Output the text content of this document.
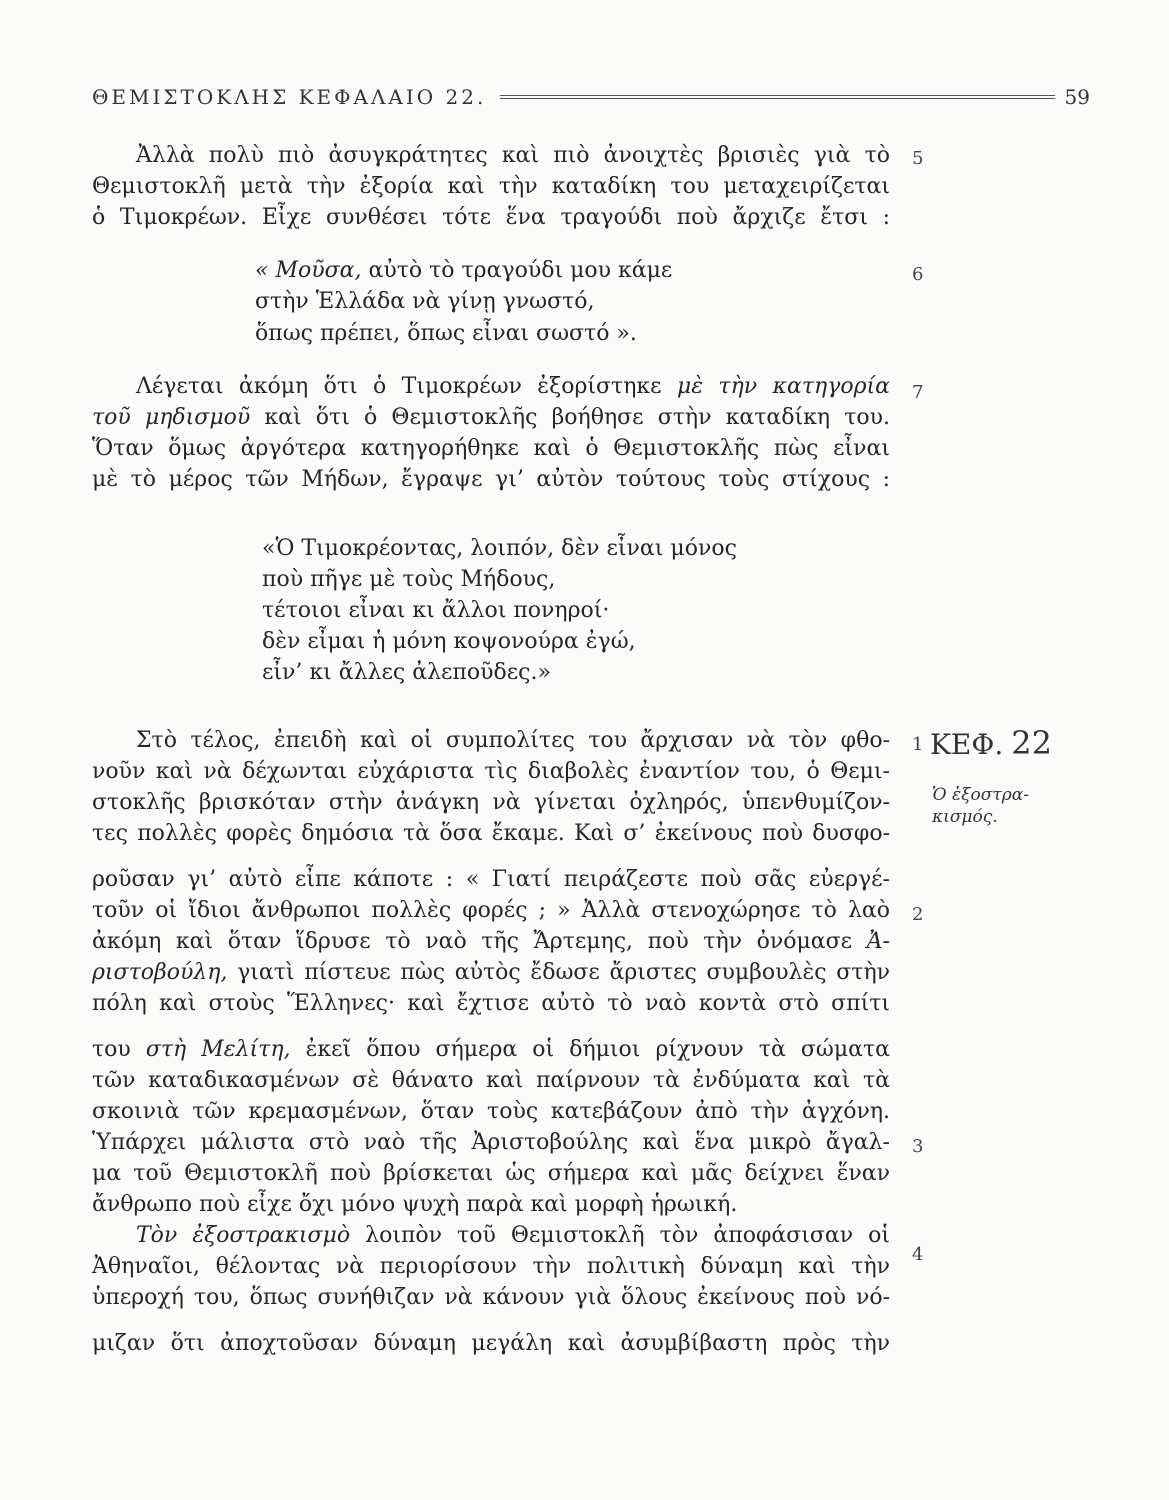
ΘΕΜΙΣΤΟΚΛΗΣ ΚΕΦΑΛΑΙΟ 22.	59
Ἀλλὰ πολὺ πιὸ ἀσυγκράτητες καὶ πιὸ ἀνοιχτὲς βρισιὲς γιὰ τὸ
Θεμιστοκλῆ μετὰ τὴν ἐξορία καὶ τὴν καταδίκη του μεταχειρίζεται
ὁ Τιμοκρέων. Εἶχε συνθέσει τότε ἕνα τραγούδι ποὺ ἄρχιζε ἔτσι :
« Μοῦσα, αὐτὸ τὸ τραγούδι μου κάμε
στὴν Ἑλλάδα νὰ γίνῃ γνωστό,
ὅπως πρέπει, ὅπως εἶναι σωστό ».
Λέγεται ἀκόμη ὅτι ὁ Τιμοκρέων ἐξορίστηκε μὲ τὴν κατηγορία
τοῦ μηδισμοῦ καὶ ὅτι ὁ Θεμιστοκλῆς βοήθησε στὴν καταδίκη του.
Ὅταν ὅμως ἀργότερα κατηγορήθηκε καὶ ὁ Θεμιστοκλῆς πὼς εἶναι
μὲ τὸ μέρος τῶν Μήδων, ἔγραψε γι’ αὐτὸν τούτους τοὺς στίχους :
«Ὁ Τιμοκρέοντας, λοιπόν, δὲν εἶναι μόνος
ποὺ πῆγε μὲ τοὺς Μήδους,
τέτοιοι εἶναι κι ἄλλοι πονηροί·
δὲν εἶμαι ἡ μόνη κοψονούρα ἐγώ,
εἶν’ κι ἄλλες ἀλεποῦδες.»
Στὸ τέλος, ἐπειδὴ καὶ οἱ συμπολίτες του ἄρχισαν νὰ τὸν φθο-
νοῦν καὶ νὰ δέχωνται εὐχάριστα τὶς διαβολὲς ἐναντίον του, ὁ Θεμι-
στοκλῆς βρισκόταν στὴν ἀνάγκη νὰ γίνεται ὀχληρός, ὑπενθυμίζον-
τες πολλὲς φορὲς δημόσια τὰ ὅσα ἔκαμε. Καὶ σ’ ἐκείνους ποὺ δυσφο-
ροῦσαν γι’ αὐτὸ εἶπε κάποτε : « Γιατί πειράζεστε ποὺ σᾶς εὐεργέ-
τοῦν οἱ ἴδιοι ἄνθρωποι πολλὲς φορές ; » Ἀλλὰ στενοχώρησε τὸ λαὸ
ἀκόμη καὶ ὅταν ἵδρυσε τὸ ναὸ τῆς Ἄρτεμης, ποὺ τὴν ὀνόμασε Ἀ-
ριστοβούλη, γιατὶ πίστευε πὼς αὐτὸς ἔδωσε ἄριστες συμβουλὲς στὴν
πόλη καὶ στοὺς Ἕλληνες· καὶ ἔχτισε αὐτὸ τὸ ναὸ κοντὰ στὸ σπίτι
του στὴ Μελίτη, ἐκεῖ ὅπου σήμερα οἱ δήμιοι ρίχνουν τὰ σώματα
τῶν καταδικασμένων σὲ θάνατο καὶ παίρνουν τὰ ἐνδύματα καὶ τὰ
σκοινιὰ τῶν κρεμασμένων, ὅταν τοὺς κατεβάζουν ἀπὸ τὴν ἀγχόνη.
Ὑπάρχει μάλιστα στὸ ναὸ τῆς Ἀριστοβούλης καὶ ἕνα μικρὸ ἄγαλ-
μα τοῦ Θεμιστοκλῆ ποὺ βρίσκεται ὡς σήμερα καὶ μᾶς δείχνει ἕναν
ἄνθρωπο ποὺ εἶχε ὄχι μόνο ψυχὴ παρὰ καὶ μορφὴ ἡρωική.
Τὸν ἐξοστρακισμὸ λοιπὸν τοῦ Θεμιστοκλῆ τὸν ἀποφάσισαν οἱ
Ἀθηναῖοι, θέλοντας νὰ περιορίσουν τὴν πολιτικὴ δύναμη καὶ τὴν
ὑπεροχή του, ὅπως συνήθιζαν νὰ κάνουν γιὰ ὅλους ἐκείνους ποὺ νό-
μιζαν ὅτι ἀποχτοῦσαν δύναμη μεγάλη καὶ ἀσυμβίβαστη πρὸς τὴν
5
6
7
1
2
3
4
ΚΕΦ. 22
Ὁ ἐξοστρα-κισμός.
